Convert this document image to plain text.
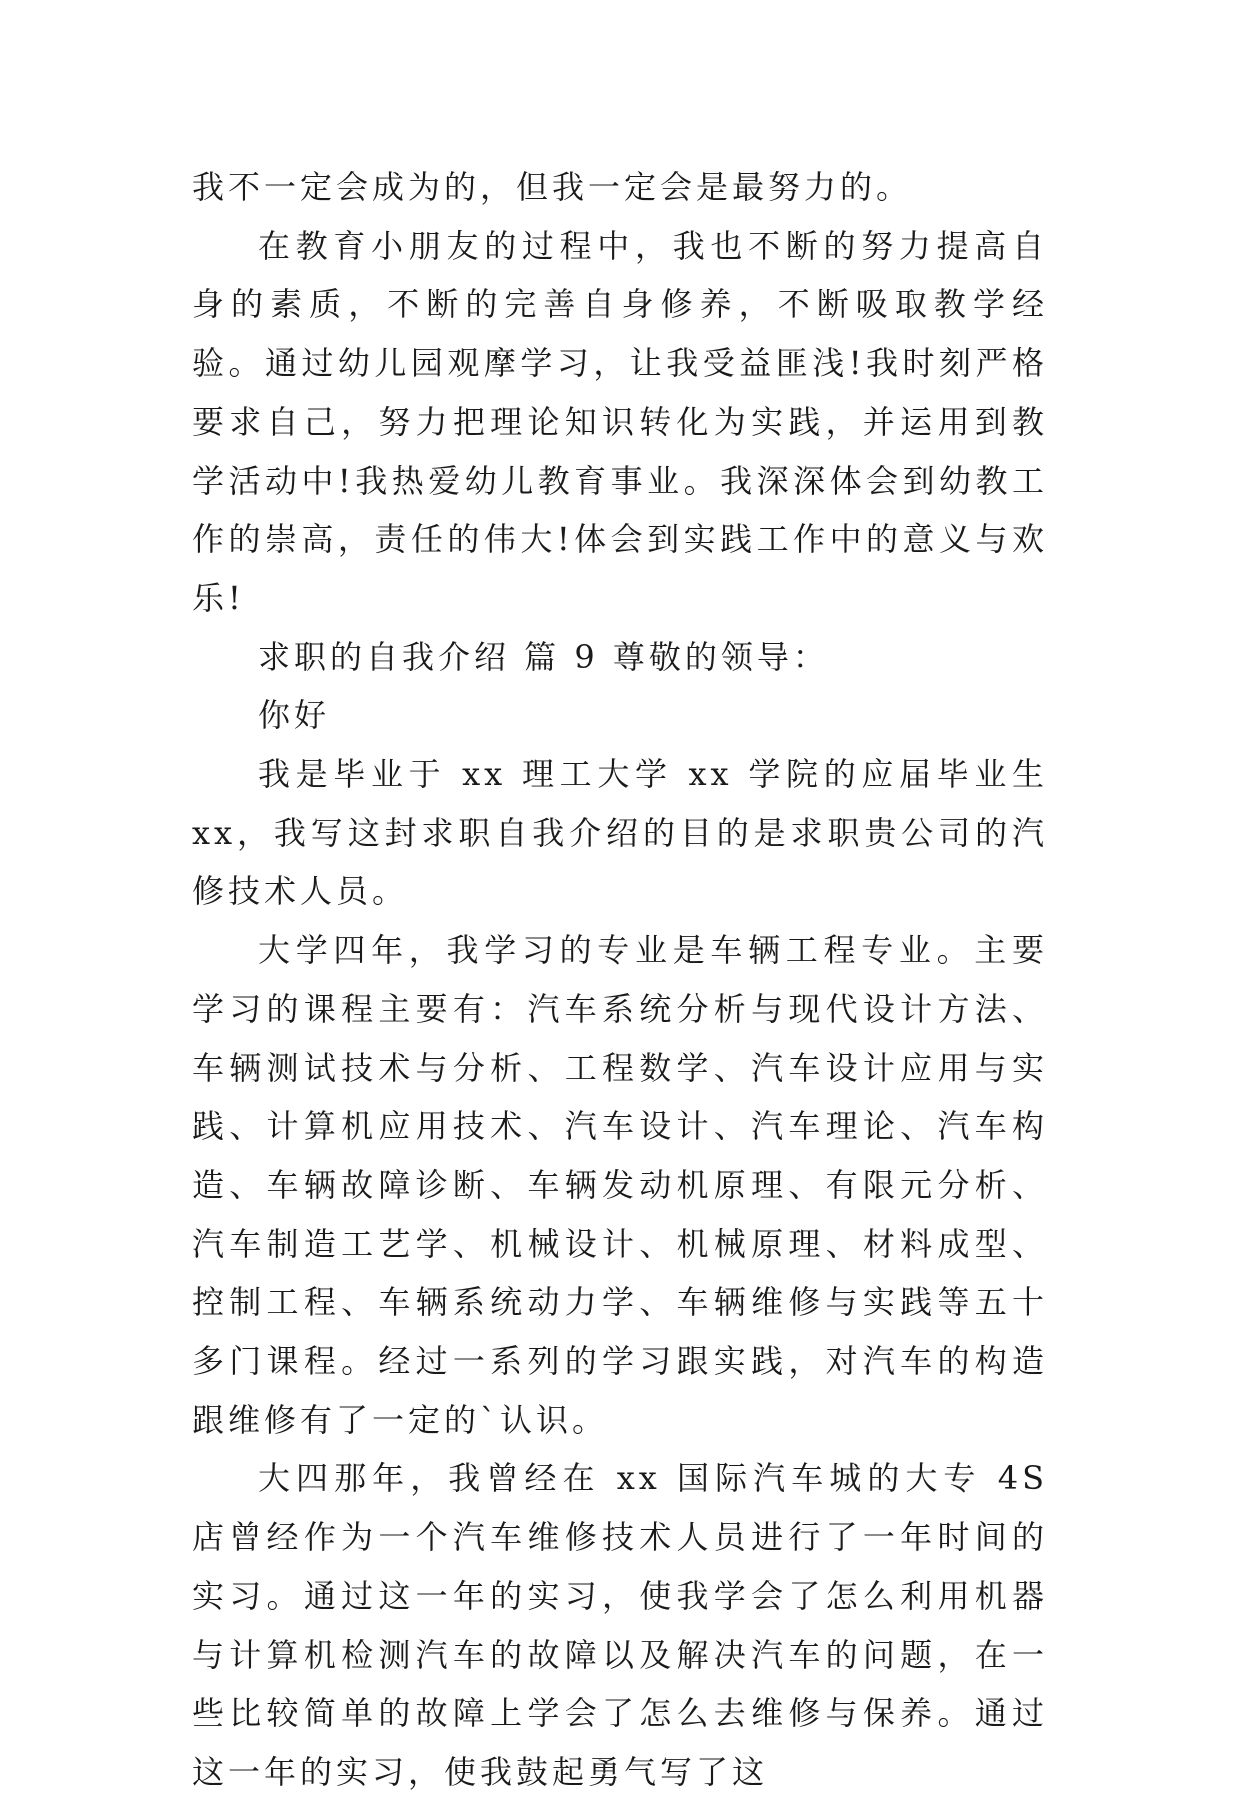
我不一定会成为的，但我一定会是最努力的。

在教育小朋友的过程中，我也不断的努力提高自身的素质，不断的完善自身修养，不断吸取教学经验。通过幼儿园观摩学习，让我受益匪浅!我时刻严格要求自己，努力把理论知识转化为实践，并运用到教学活动中!我热爱幼儿教育事业。我深深体会到幼教工作的崇高，责任的伟大!体会到实践工作中的意义与欢乐!

求职的自我介绍 篇 9 尊敬的领导：

你好

我是毕业于 xx 理工大学 xx 学院的应届毕业生 xx，我写这封求职自我介绍的目的是求职贵公司的汽修技术人员。

大学四年，我学习的专业是车辆工程专业。主要学习的课程主要有：汽车系统分析与现代设计方法、车辆测试技术与分析、工程数学、汽车设计应用与实践、计算机应用技术、汽车设计、汽车理论、汽车构造、车辆故障诊断、车辆发动机原理、有限元分析、汽车制造工艺学、机械设计、机械原理、材料成型、控制工程、车辆系统动力学、车辆维修与实践等五十多门课程。经过一系列的学习跟实践，对汽车的构造跟维修有了一定的`认识。

大四那年，我曾经在 xx 国际汽车城的大专 4S 店曾经作为一个汽车维修技术人员进行了一年时间的实习。通过这一年的实习，使我学会了怎么利用机器与计算机检测汽车的故障以及解决汽车的问题，在一些比较简单的故障上学会了怎么去维修与保养。通过这一年的实习，使我鼓起勇气写了这
